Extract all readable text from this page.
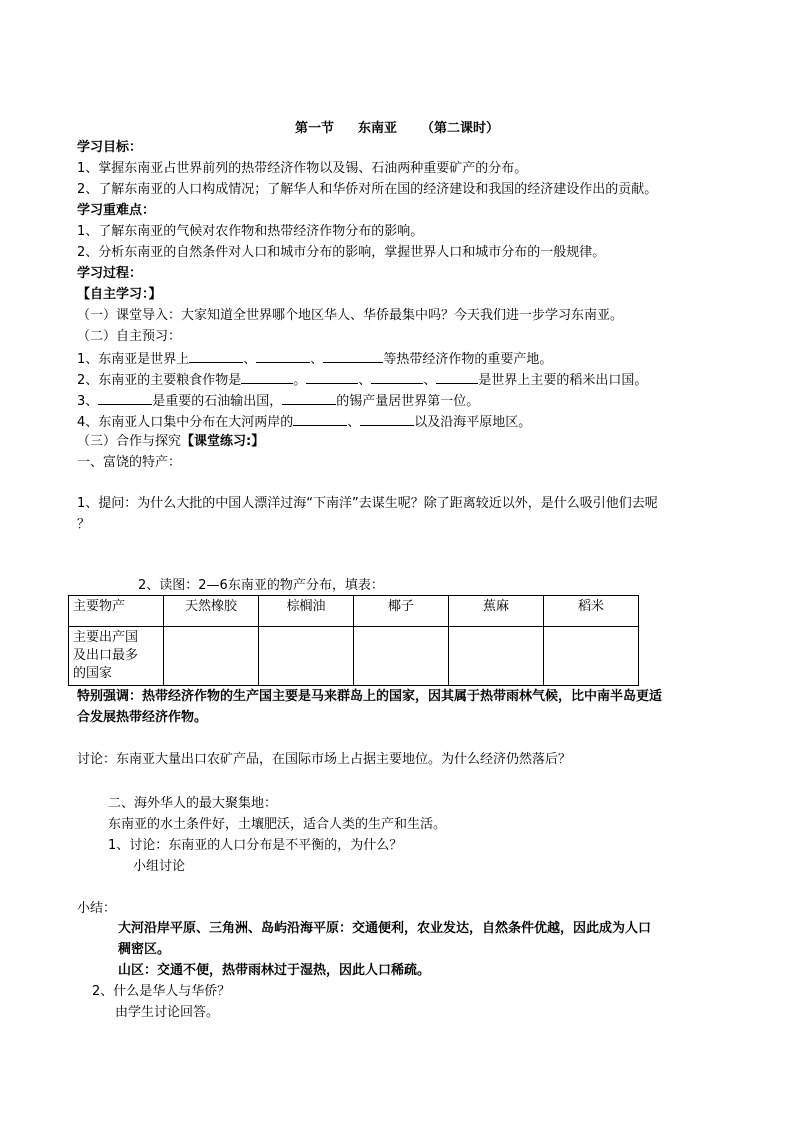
第一节 东南亚 （第二课时）
学习目标：
1、掌握东南亚占世界前列的热带经济作物以及锡、石油两种重要矿产的分布。
2、了解东南亚的人口构成情况；了解华人和华侨对所在国的经济建设和我国的经济建设作出的贡献。
学习重难点：
1、了解东南亚的气候对农作物和热带经济作物分布的影响。
2、分析东南亚的自然条件对人口和城市分布的影响，掌握世界人口和城市分布的一般规律。
学习过程：
【自主学习：】
（一）课堂导入：大家知道全世界哪个地区华人、华侨最集中吗？今天我们进一步学习东南亚。
（二）自主预习：
1、东南亚是世界上	、	、	等热带经济作物的重要产地。
2、东南亚的主要粮食作物是	。	、	、	是世界上主要的稻米出口国。
3、	是重要的石油输出国，	的锡产量居世界第一位。
4、东南亚人口集中分布在大河两岸的	、	以及沿海平原地区。
（三）合作与探究【课堂练习:】
一、富饶的特产：
1、提问：为什么大批的中国人漂洋过海“下南洋”去谋生呢？除了距离较近以外，是什么吸引他们去呢
？
2、读图：2—6东南亚的物产分布，填表：
主要物产	天然橡胶	棕榈油	椰子	蕉麻	稻米

主要出产国
及出口最多
的国家					

特别强调：热带经济作物的生产国主要是马来群岛上的国家，因其属于热带雨林气候，比中南半岛更适
合发展热带经济作物。
讨论：东南亚大量出口农矿产品，在国际市场上占据主要地位。为什么经济仍然落后？
二、海外华人的最大聚集地：
东南亚的水土条件好，土壤肥沃，适合人类的生产和生活。
1、讨论：东南亚的人口分布是不平衡的，为什么？
小组讨论
小结：
大河沿岸平原、三角洲、岛屿沿海平原：交通便利，农业发达，自然条件优越，因此成为人口
稠密区。
山区：交通不便，热带雨林过于湿热，因此人口稀疏。
2、什么是华人与华侨？
由学生讨论回答。
